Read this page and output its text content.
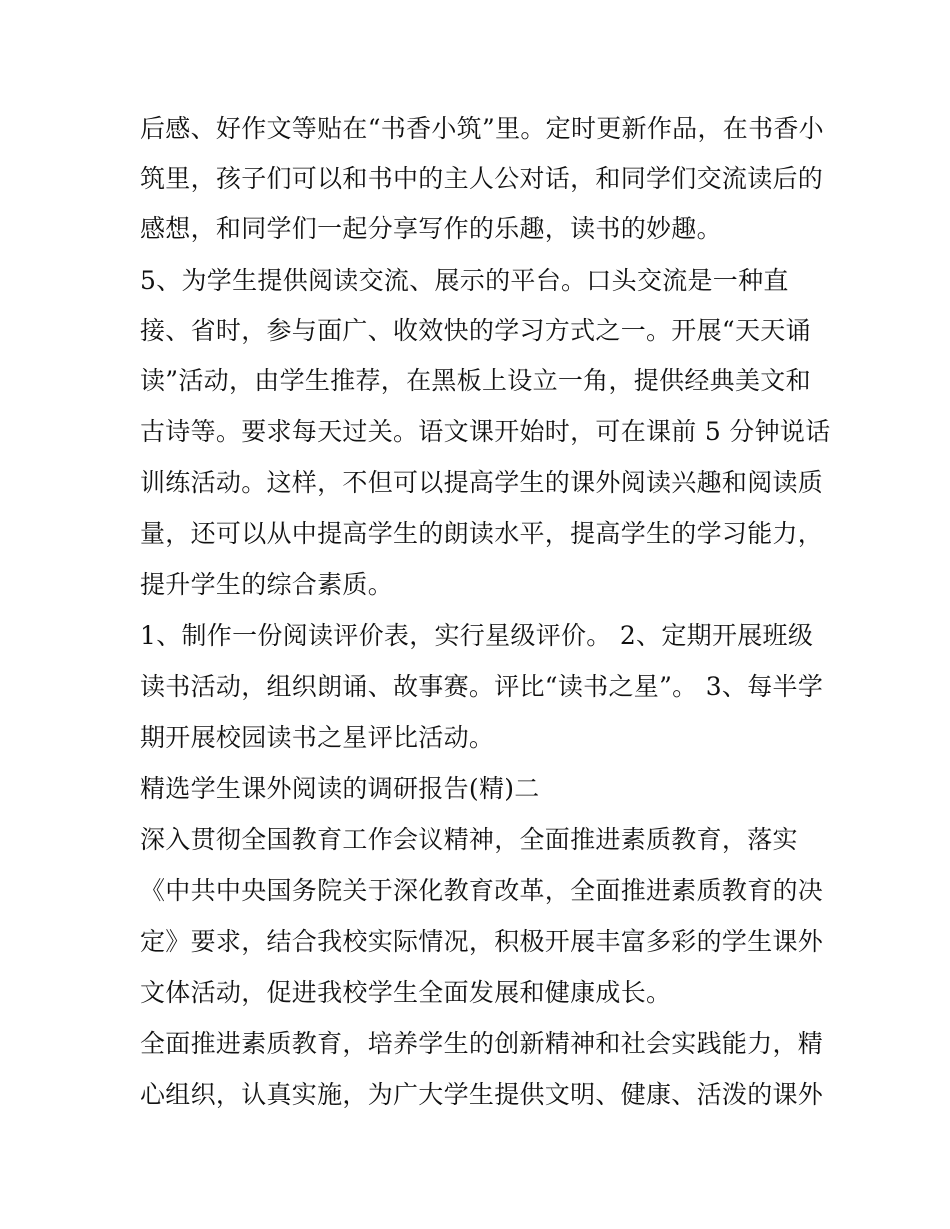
后感、好作文等贴在“书香小筑”里。定时更新作品，在书香小

筑里，孩子们可以和书中的主人公对话，和同学们交流读后的

感想，和同学们一起分享写作的乐趣，读书的妙趣。

5、为学生提供阅读交流、展示的平台。口头交流是一种直

接、省时，参与面广、收效快的学习方式之一。开展“天天诵

读”活动，由学生推荐，在黑板上设立一角，提供经典美文和

古诗等。要求每天过关。语文课开始时，可在课前 5 分钟说话

训练活动。这样，不但可以提高学生的课外阅读兴趣和阅读质

量，还可以从中提高学生的朗读水平，提高学生的学习能力，

提升学生的综合素质。

1、制作一份阅读评价表，实行星级评价。 2、定期开展班级

读书活动，组织朗诵、故事赛。评比“读书之星”。 3、每半学

期开展校园读书之星评比活动。

精选学生课外阅读的调研报告(精)二

深入贯彻全国教育工作会议精神，全面推进素质教育，落实

《中共中央国务院关于深化教育改革，全面推进素质教育的决

定》要求，结合我校实际情况，积极开展丰富多彩的学生课外

文体活动，促进我校学生全面发展和健康成长。

全面推进素质教育，培养学生的创新精神和社会实践能力，精

心组织，认真实施，为广大学生提供文明、健康、活泼的课外
